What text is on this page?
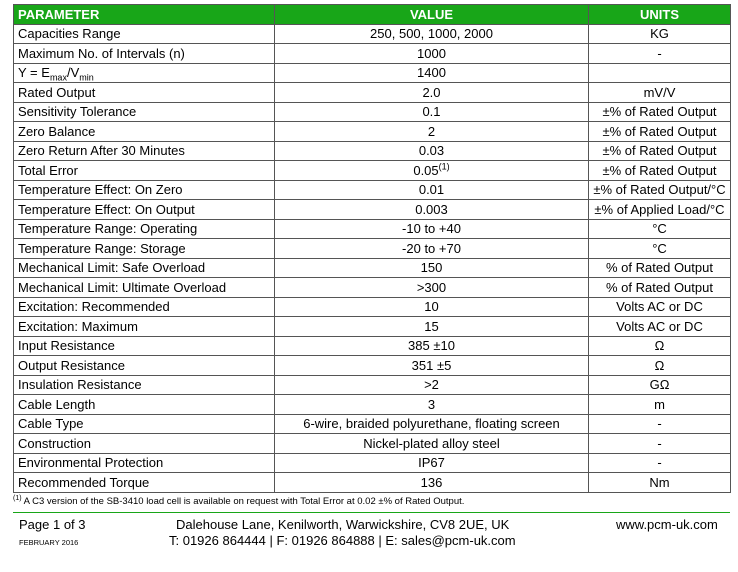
PARAMETER	VALUE	UNITS
Capacities Range	250, 500, 1000, 2000	KG
Maximum No. of Intervals (n)	1000	-
$Y = E_{max}/V_{min}$	1400	
Rated Output	2.0	mV/V
Sensitivity Tolerance	0.1	±% of Rated Output
Zero Balance	2	±% of Rated Output
Zero Return After 30 Minutes	0.03	±% of Rated Output
Total Error	$0.05^{(1)}$	±% of Rated Output
Temperature Effect: On Zero	0.01	±% of Rated Output/°C
Temperature Effect: On Output	0.003	±% of Applied Load/°C
Temperature Range: Operating	-10 to +40	°C
Temperature Range: Storage	-20 to +70	°C
Mechanical Limit: Safe Overload	150	% of Rated Output
Mechanical Limit: Ultimate Overload	>300	% of Rated Output
Excitation: Recommended	10	Volts AC or DC
Excitation: Maximum	15	Volts AC or DC
Input Resistance	385 ±10	Ω
Output Resistance	351 ±5	Ω
Insulation Resistance	>2	GΩ
Cable Length	3	m
Cable Type	6-wire, braided polyurethane, floating screen	-
Construction	Nickel-plated alloy steel	-
Environmental Protection	IP67	-
Recommended Torque	136	Nm
$^{(1)}$ A C3 version of the SB-3410 load cell is available on request with Total Error at 0.02 ±% of Rated Output.
Page 1 of 3
FEBRUARY 2016
Dalehouse Lane, Kenilworth, Warwickshire, CV8 2UE, UK
T: 01926 864444 | F: 01926 864888 | E: sales@pcm-uk.com
www.pcm-uk.com
